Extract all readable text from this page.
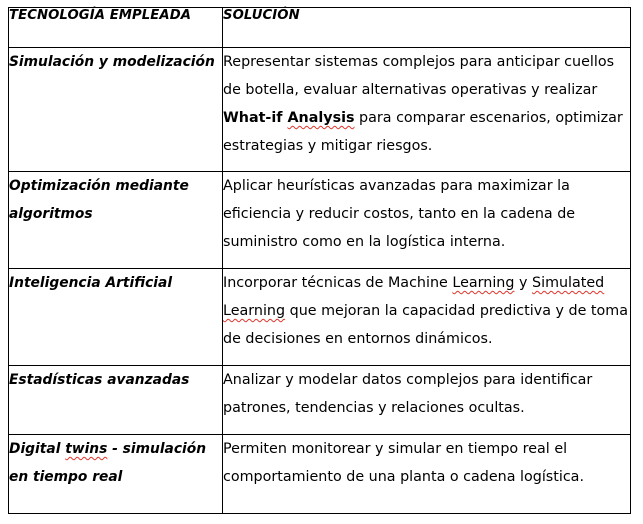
TECNOLOGÍA EMPLEADA	SOLUCIÓN
Simulación y modelización	Representar sistemas complejos para anticipar cuellos de botella, evaluar alternativas operativas y realizar What-if Analysis para comparar escenarios, optimizar estrategias y mitigar riesgos.
Optimización mediante algoritmos	Aplicar heurísticas avanzadas para maximizar la eficiencia y reducir costos, tanto en la cadena de suministro como en la logística interna.
Inteligencia Artificial	Incorporar técnicas de Machine Learning y Simulated Learning que mejoran la capacidad predictiva y de toma de decisiones en entornos dinámicos.
Estadísticas avanzadas	Analizar y modelar datos complejos para identificar patrones, tendencias y relaciones ocultas.
Digital twins - simulación en tiempo real	Permiten monitorear y simular en tiempo real el comportamiento de una planta o cadena logística.
